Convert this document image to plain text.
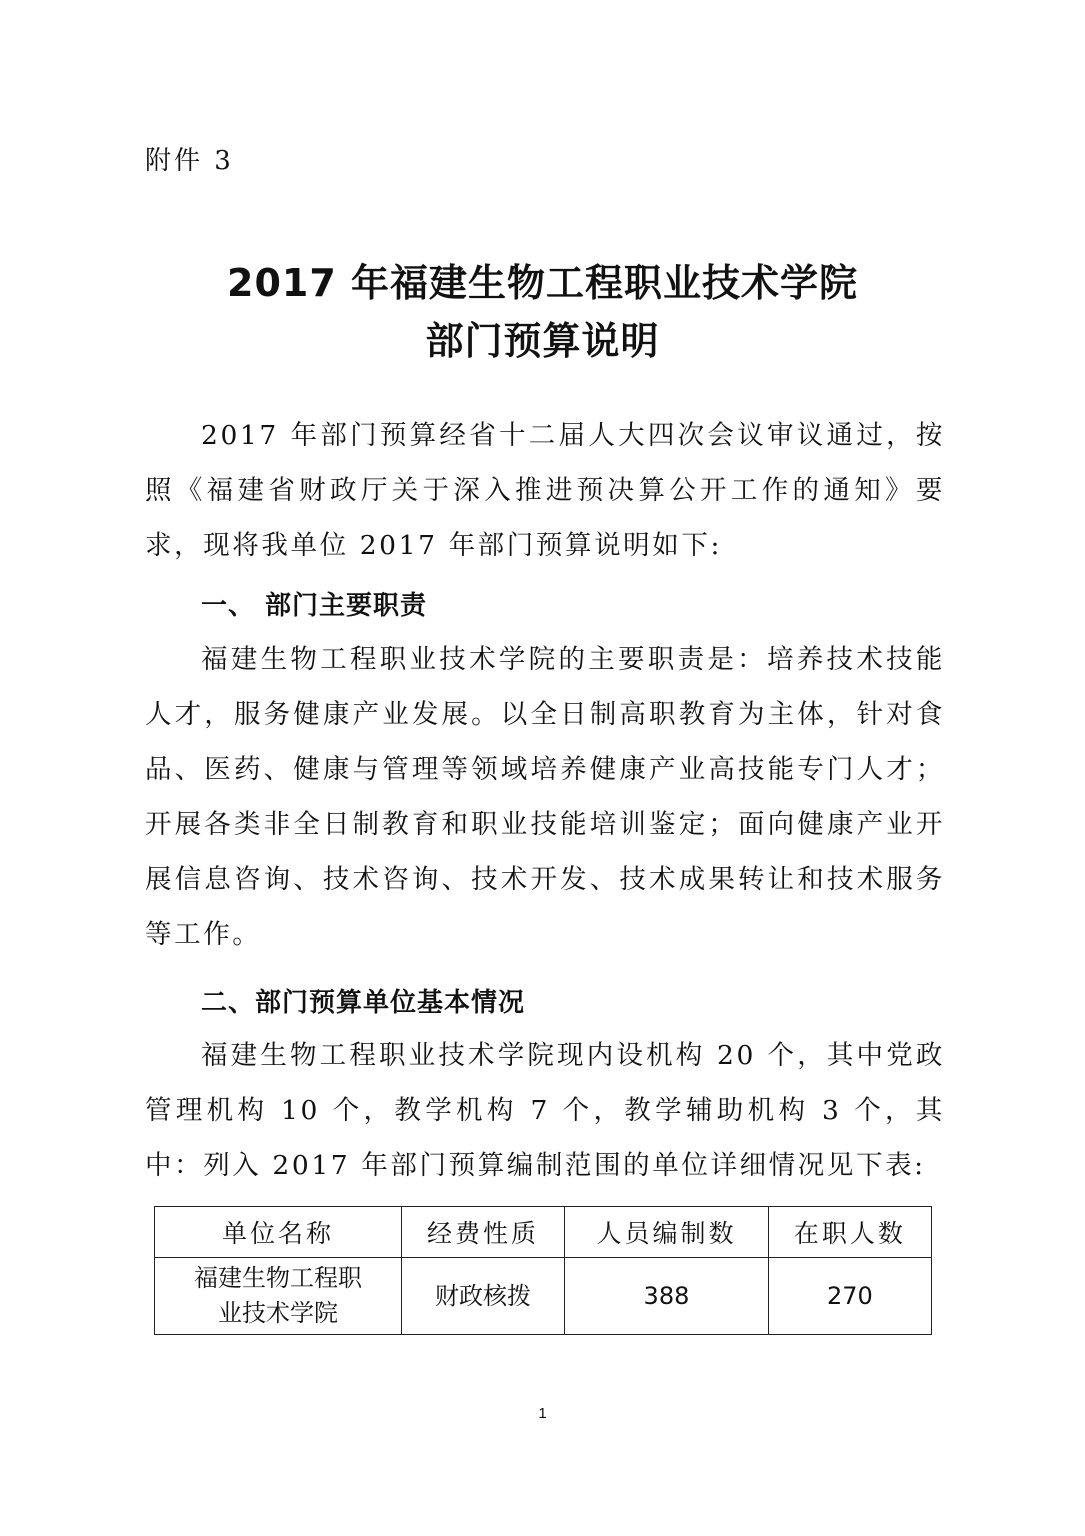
附件 3
2017 年福建生物工程职业技术学院
部门预算说明

2017 年部门预算经省十二届人大四次会议审议通过，按照《福建省财政厅关于深入推进预决算公开工作的通知》要求，现将我单位 2017 年部门预算说明如下:

一、 部门主要职责

福建生物工程职业技术学院的主要职责是：培养技术技能人才，服务健康产业发展。以全日制高职教育为主体，针对食品、医药、健康与管理等领域培养健康产业高技能专门人才；开展各类非全日制教育和职业技能培训鉴定；面向健康产业开展信息咨询、技术咨询、技术开发、技术成果转让和技术服务等工作。

二、部门预算单位基本情况

福建生物工程职业技术学院现内设机构 20 个，其中党政管理机构 10 个，教学机构 7 个，教学辅助机构 3 个，其中：列入 2017 年部门预算编制范围的单位详细情况见下表:

单位名称	经费性质	人员编制数	在职人数
福建生物工程职业技术学院	财政核拨	388	270
1
